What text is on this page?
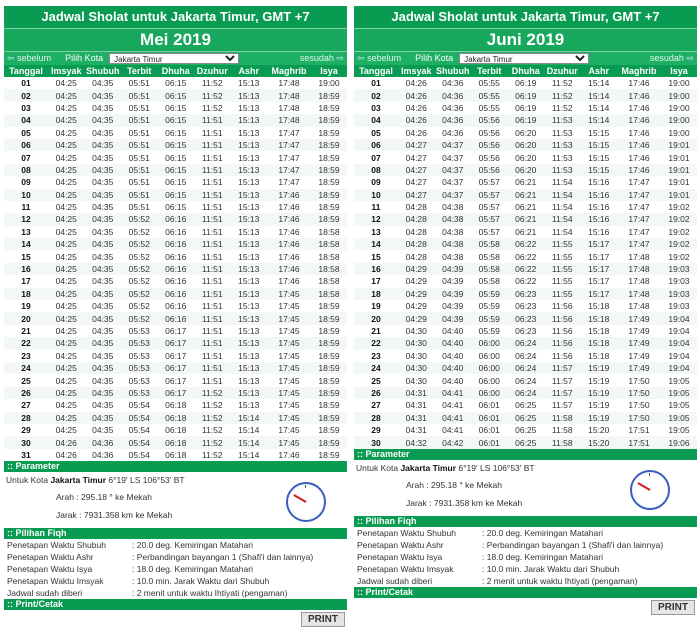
Jadwal Sholat untuk Jakarta Timur, GMT +7
Mei 2019
⇦ sebelum Pilih Kota
Jakarta Timur	sesudah ⇨
Tanggal	Imsyak	Shubuh	Terbit	Dhuha	Dzuhur	Ashr	Maghrib	Isya
01	04:25	04:35	05:51	06:15	11:52	15:13	17:48	19:00
02	04:25	04:35	05:51	06:15	11:52	15:13	17:48	18:59
03	04:25	04:35	05:51	06:15	11:52	15:13	17:48	18:59
04	04:25	04:35	05:51	06:15	11:51	15:13	17:48	18:59
05	04:25	04:35	05:51	06:15	11:51	15:13	17:47	18:59
06	04:25	04:35	05:51	06:15	11:51	15:13	17:47	18:59
07	04:25	04:35	05:51	06:15	11:51	15:13	17:47	18:59
08	04:25	04:35	05:51	06:15	11:51	15:13	17:47	18:59
09	04:25	04:35	05:51	06:15	11:51	15:13	17:47	18:59
10	04:25	04:35	05:51	06:15	11:51	15:13	17:46	18:59
11	04:25	04:35	05:51	06:15	11:51	15:13	17:46	18:59
12	04:25	04:35	05:52	06:16	11:51	15:13	17:46	18:59
13	04:25	04:35	05:52	06:16	11:51	15:13	17:46	18:58
14	04:25	04:35	05:52	06:16	11:51	15:13	17:46	18:58
15	04:25	04:35	05:52	06:16	11:51	15:13	17:46	18:58
16	04:25	04:35	05:52	06:16	11:51	15:13	17:46	18:58
17	04:25	04:35	05:52	06:16	11:51	15:13	17:46	18:58
18	04:25	04:35	05:52	06:16	11:51	15:13	17:45	18:58
19	04:25	04:35	05:52	06:16	11:51	15:13	17:45	18:59
20	04:25	04:35	05:52	06:16	11:51	15:13	17:45	18:59
21	04:25	04:35	05:53	06:17	11:51	15:13	17:45	18:59
22	04:25	04:35	05:53	06:17	11:51	15:13	17:45	18:59
23	04:25	04:35	05:53	06:17	11:51	15:13	17:45	18:59
24	04:25	04:35	05:53	06:17	11:51	15:13	17:45	18:59
25	04:25	04:35	05:53	06:17	11:51	15:13	17:45	18:59
26	04:25	04:35	05:53	06:17	11:52	15:13	17:45	18:59
27	04:25	04:35	05:54	06:18	11:52	15:13	17:45	18:59
28	04:25	04:35	05:54	06:18	11:52	15:14	17:45	18:59
29	04:25	04:35	05:54	06:18	11:52	15:14	17:45	18:59
30	04:26	04:36	05:54	06:18	11:52	15:14	17:45	18:59
31	04:26	04:36	05:54	06:18	11:52	15:14	17:46	18:59
:: Parameter
Untuk Kota Jakarta Timur 6°19' LS 106°53' BT
Arah : 295.18 ° ke Mekah
Jarak : 7931.358 km ke Mekah
:: Pilihan Fiqh
Penetapan Waktu Shubuh	: 20.0 deg. Kemiringan Matahari
Penetapan Waktu Ashr	: Perbandingan bayangan 1 (Shafi'i dan lainnya)
Penetapan Waktu Isya	: 18.0 deg. Kemiringan Matahari
Penetapan Waktu Imsyak	: 10.0 min. Jarak Waktu dari Shubuh
Jadwal sudah diberi	: 2 menit untuk waktu Ihtiyati (pengaman)
:: Print/Cetak
PRINT
Jadwal Sholat untuk Jakarta Timur, GMT +7
Juni 2019
⇦ sebelum Pilih Kota
Jakarta Timur	sesudah ⇨
Tanggal	Imsyak	Shubuh	Terbit	Dhuha	Dzuhur	Ashr	Maghrib	Isya
01	04:26	04:36	05:55	06:19	11:52	15:14	17:46	19:00
02	04:26	04:36	05:55	06:19	11:52	15:14	17:46	19:00
03	04:26	04:36	05:55	06:19	11:52	15:14	17:46	19:00
04	04:26	04:36	05:56	06:19	11:53	15:14	17:46	19:00
05	04:26	04:36	05:56	06:20	11:53	15:15	17:46	19:00
06	04:27	04:37	05:56	06:20	11:53	15:15	17:46	19:01
07	04:27	04:37	05:56	06:20	11:53	15:15	17:46	19:01
08	04:27	04:37	05:56	06:20	11:53	15:15	17:46	19:01
09	04:27	04:37	05:57	06:21	11:54	15:16	17:47	19:01
10	04:27	04:37	05:57	06:21	11:54	15:16	17:47	19:01
11	04:28	04:38	05:57	06:21	11:54	15:16	17:47	19:02
12	04:28	04:38	05:57	06:21	11:54	15:16	17:47	19:02
13	04:28	04:38	05:57	06:21	11:54	15:16	17:47	19:02
14	04:28	04:38	05:58	06:22	11:55	15:17	17:47	19:02
15	04:28	04:38	05:58	06:22	11:55	15:17	17:48	19:02
16	04:29	04:39	05:58	06:22	11:55	15:17	17:48	19:03
17	04:29	04:39	05:58	06:22	11:55	15:17	17:48	19:03
18	04:29	04:39	05:59	06:23	11:55	15:17	17:48	19:03
19	04:29	04:39	05:59	06:23	11:56	15:18	17:48	19:03
20	04:29	04:39	05:59	06:23	11:56	15:18	17:49	19:04
21	04:30	04:40	05:59	06:23	11:56	15:18	17:49	19:04
22	04:30	04:40	06:00	06:24	11:56	15:18	17:49	19:04
23	04:30	04:40	06:00	06:24	11:56	15:18	17:49	19:04
24	04:30	04:40	06:00	06:24	11:57	15:19	17:49	19:04
25	04:30	04:40	06:00	06:24	11:57	15:19	17:50	19:05
26	04:31	04:41	06:00	06:24	11:57	15:19	17:50	19:05
27	04:31	04:41	06:01	06:25	11:57	15:19	17:50	19:05
28	04:31	04:41	06:01	06:25	11:58	15:19	17:50	19:05
29	04:31	04:41	06:01	06:25	11:58	15:20	17:51	19:05
30	04:32	04:42	06:01	06:25	11:58	15:20	17:51	19:06
:: Parameter
Untuk Kota Jakarta Timur 6°19' LS 106°53' BT
Arah : 295.18 ° ke Mekah
Jarak : 7931.358 km ke Mekah
:: Pilihan Fiqh
Penetapan Waktu Shubuh	: 20.0 deg. Kemiringan Matahari
Penetapan Waktu Ashr	: Perbandingan bayangan 1 (Shafi'i dan lainnya)
Penetapan Waktu Isya	: 18.0 deg. Kemiringan Matahari
Penetapan Waktu Imsyak	: 10.0 min. Jarak Waktu dari Shubuh
Jadwal sudah diberi	: 2 menit untuk waktu Ihtiyati (pengaman)
:: Print/Cetak
PRINT
